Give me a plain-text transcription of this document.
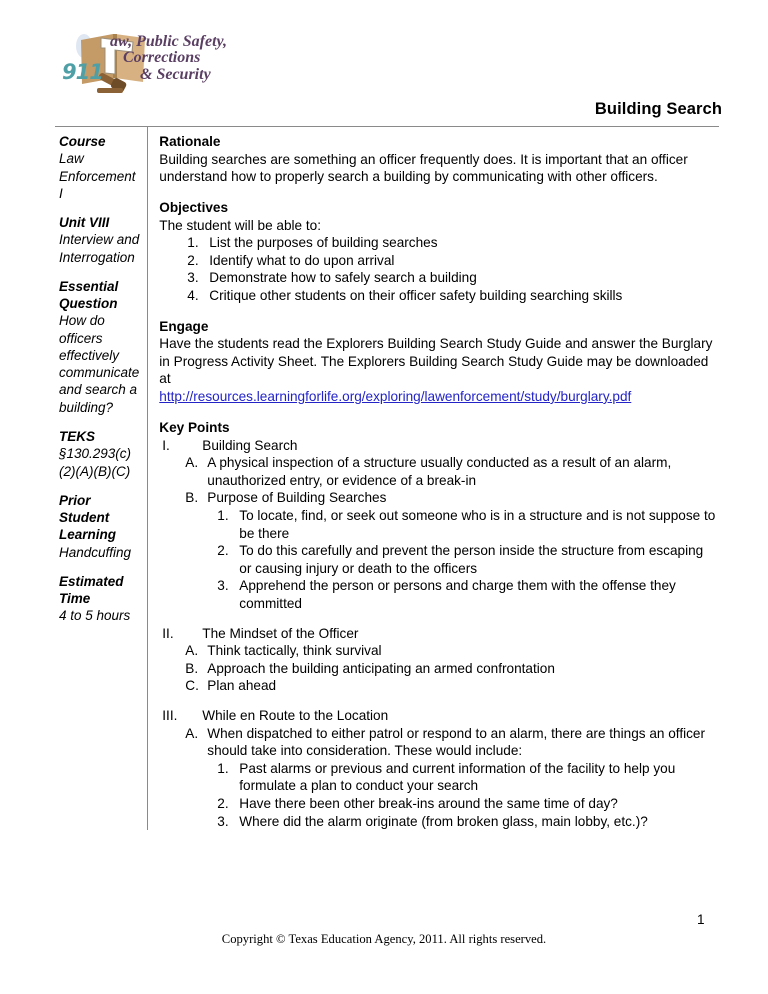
911
aw, Public Safety,
Corrections
& Security
Building Search
Course
Law Enforcement I
Unit VIII
Interview and Interrogation
Essential Question
How do officers effectively communicate and search a building?
TEKS
§130.293(c) (2)(A)(B)(C)
Prior Student Learning
Handcuffing
Estimated Time
4 to 5 hours
Rationale
Building searches are something an officer frequently does. It is important that an officer understand how to properly search a building by communicating with other officers.
Objectives
The student will be able to:
1. List the purposes of building searches
2. Identify what to do upon arrival
3. Demonstrate how to safely search a building
4. Critique other students on their officer safety building searching skills
Engage
Have the students read the Explorers Building Search Study Guide and answer the Burglary in Progress Activity Sheet. The Explorers Building Search Study Guide may be downloaded at
http://resources.learningforlife.org/exploring/lawenforcement/study/burglary.pdf
Key Points
I.	Building Search
A. A physical inspection of a structure usually conducted as a result of an alarm, unauthorized entry, or evidence of a break-in
B. Purpose of Building Searches
1. To locate, find, or seek out someone who is in a structure and is not suppose to be there
2. To do this carefully and prevent the person inside the structure from escaping or causing injury or death to the officers
3. Apprehend the person or persons and charge them with the offense they committed
II.	The Mindset of the Officer
A. Think tactically, think survival
B. Approach the building anticipating an armed confrontation
C. Plan ahead
III.	While en Route to the Location
A. When dispatched to either patrol or respond to an alarm, there are things an officer should take into consideration. These would include:
1. Past alarms or previous and current information of the facility to help you formulate a plan to conduct your search
2. Have there been other break-ins around the same time of day?
3. Where did the alarm originate (from broken glass, main lobby, etc.)?
1
Copyright © Texas Education Agency, 2011. All rights reserved.
